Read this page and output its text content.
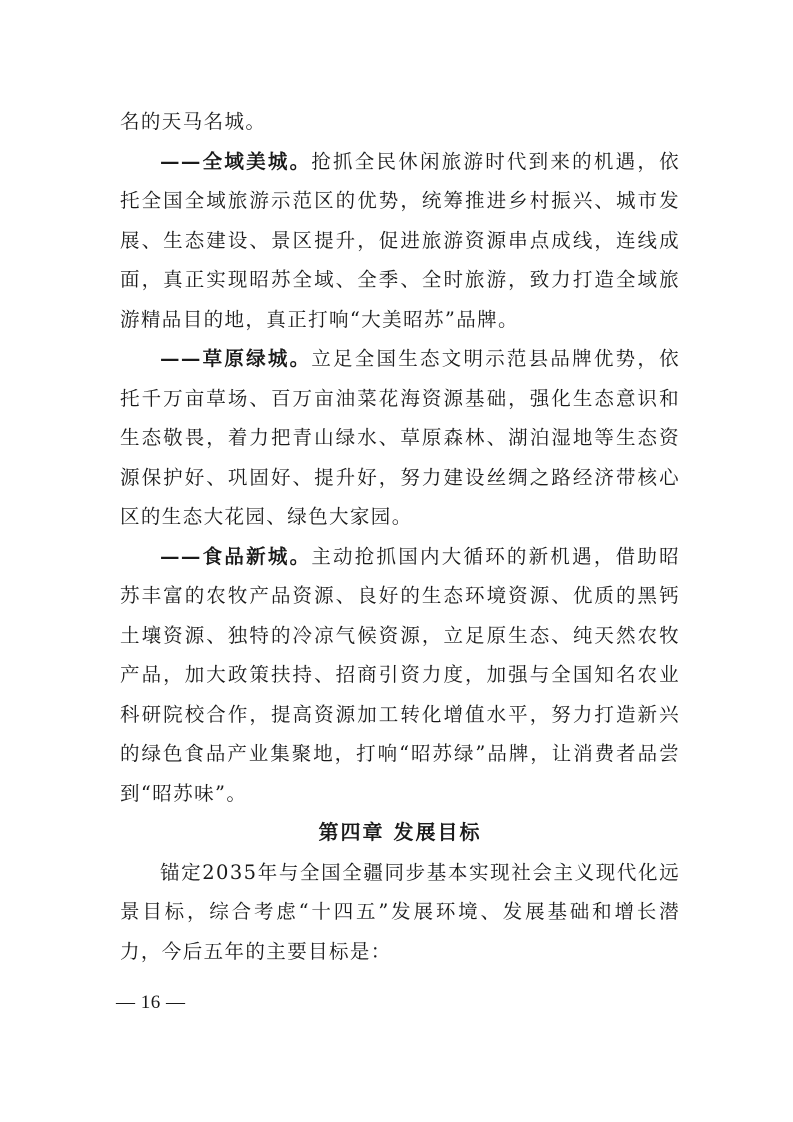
名的天马名城。

——全域美城。抢抓全民休闲旅游时代到来的机遇，依托全国全域旅游示范区的优势，统筹推进乡村振兴、城市发展、生态建设、景区提升，促进旅游资源串点成线，连线成面，真正实现昭苏全域、全季、全时旅游，致力打造全域旅游精品目的地，真正打响“大美昭苏”品牌。

——草原绿城。立足全国生态文明示范县品牌优势，依托千万亩草场、百万亩油菜花海资源基础，强化生态意识和生态敬畏，着力把青山绿水、草原森林、湖泊湿地等生态资源保护好、巩固好、提升好，努力建设丝绸之路经济带核心区的生态大花园、绿色大家园。

——食品新城。主动抢抓国内大循环的新机遇，借助昭苏丰富的农牧产品资源、良好的生态环境资源、优质的黑钙土壤资源、独特的冷凉气候资源，立足原生态、纯天然农牧产品，加大政策扶持、招商引资力度，加强与全国知名农业科研院校合作，提高资源加工转化增值水平，努力打造新兴的绿色食品产业集聚地，打响“昭苏绿”品牌，让消费者品尝到“昭苏味”。

第四章 发展目标

锚定2035年与全国全疆同步基本实现社会主义现代化远景目标，综合考虑“十四五”发展环境、发展基础和增长潜力，今后五年的主要目标是：

— 16 —
